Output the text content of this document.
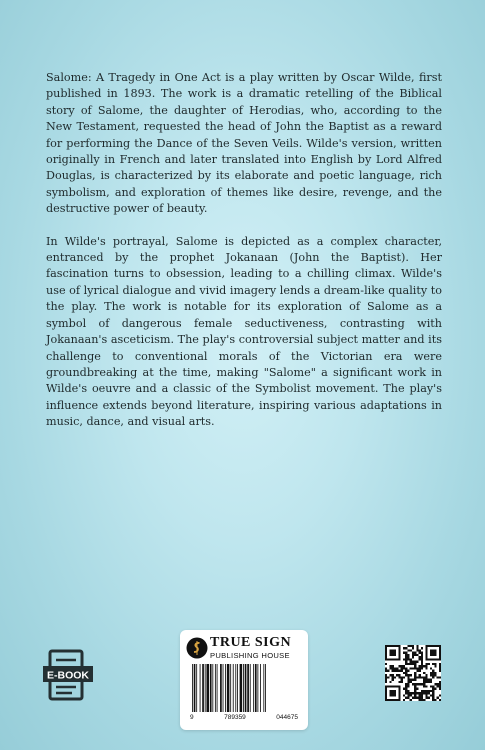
Salome: A Tragedy in One Act is a play written by Oscar Wilde, first published in 1893. The work is a dramatic retelling of the Biblical story of Salome, the daughter of Herodias, who, according to the New Testament, requested the head of John the Baptist as a reward for performing the Dance of the Seven Veils. Wilde's version, written originally in French and later translated into English by Lord Alfred Douglas, is characterized by its elaborate and poetic language, rich symbolism, and exploration of themes like desire, revenge, and the destructive power of beauty.

In Wilde's portrayal, Salome is depicted as a complex character, entranced by the prophet Jokanaan (John the Baptist). Her fascination turns to obsession, leading to a chilling climax. Wilde's use of lyrical dialogue and vivid imagery lends a dream-like quality to the play. The work is notable for its exploration of Salome as a symbol of dangerous female seductiveness, contrasting with Jokanaan's asceticism. The play's controversial subject matter and its challenge to conventional morals of the Victorian era were groundbreaking at the time, making "Salome" a significant work in Wilde's oeuvre and a classic of the Symbolist movement. The play's influence extends beyond literature, inspiring various adaptations in music, dance, and visual arts.

E-BOOK
TRUE SIGN
PUBLISHING HOUSE
9	789359	044675
